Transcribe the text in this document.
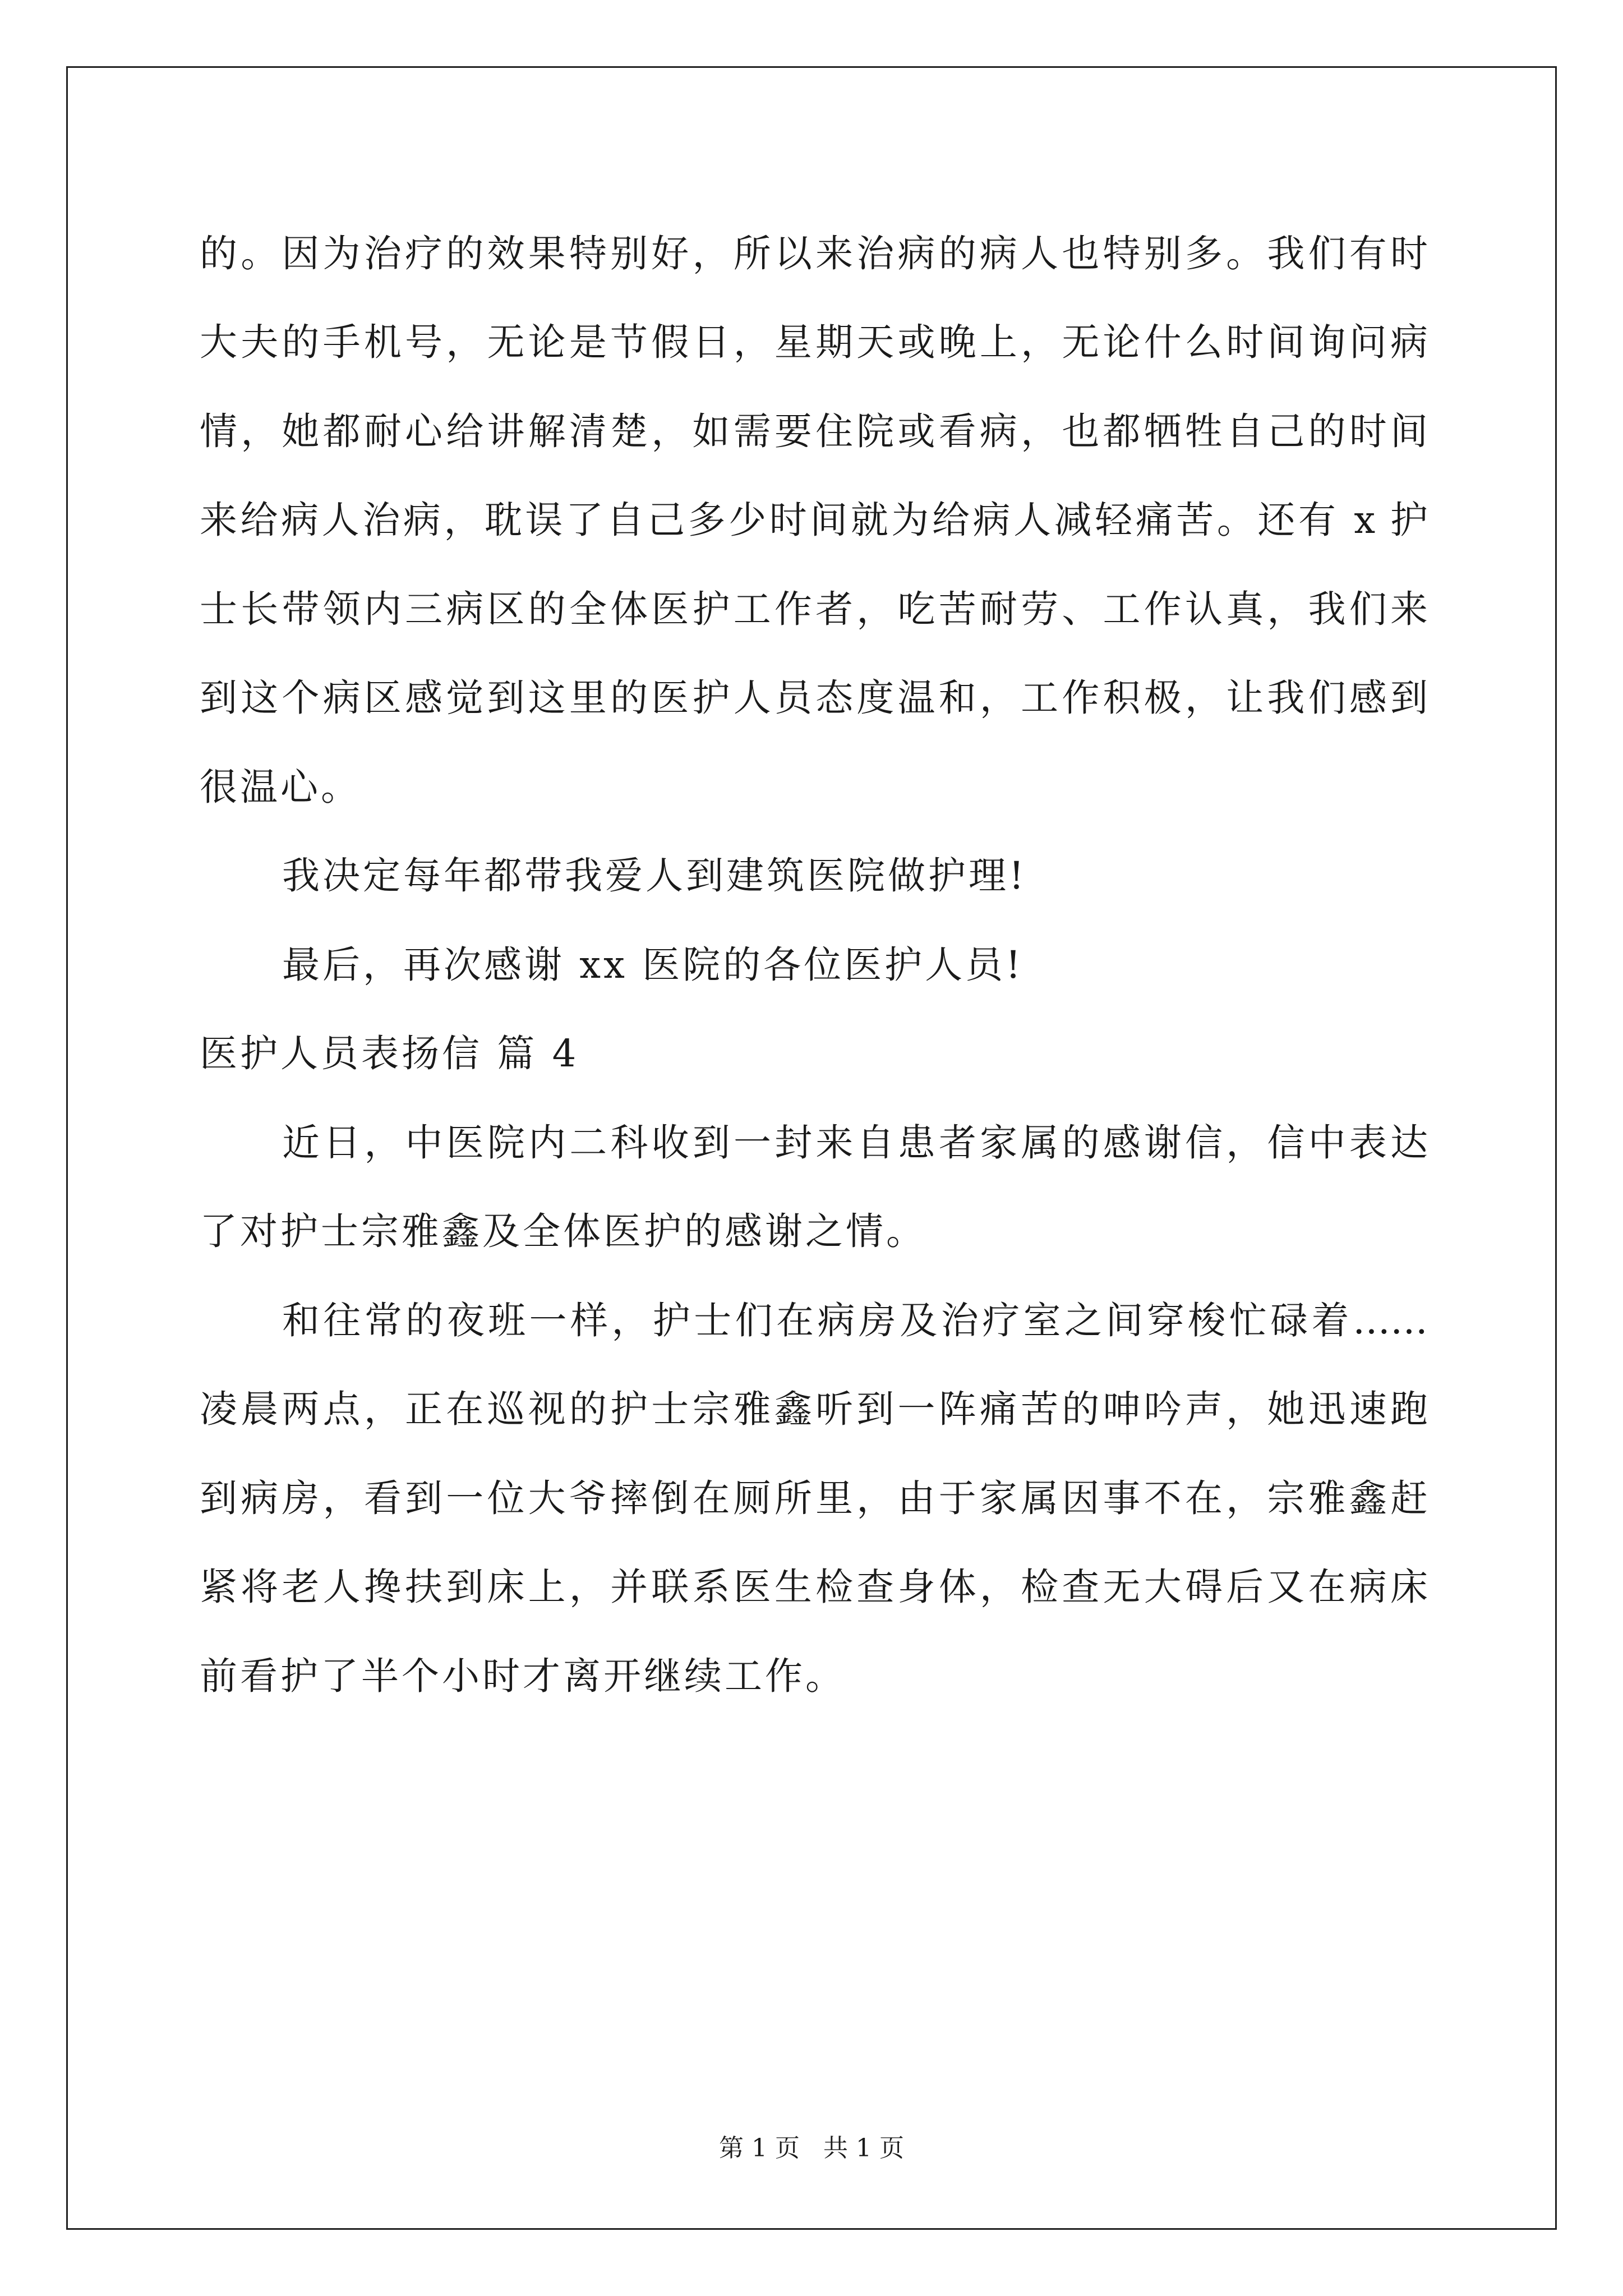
的。因为治疗的效果特别好，所以来治病的病人也特别多。我们有时
大夫的手机号，无论是节假日，星期天或晚上，无论什么时间询问病
情，她都耐心给讲解清楚，如需要住院或看病，也都牺牲自己的时间
来给病人治病，耽误了自己多少时间就为给病人减轻痛苦。还有 x 护
士长带领内三病区的全体医护工作者，吃苦耐劳、工作认真，我们来
到这个病区感觉到这里的医护人员态度温和，工作积极，让我们感到
很温心。
我决定每年都带我爱人到建筑医院做护理!
最后，再次感谢 xx 医院的各位医护人员!
医护人员表扬信 篇 4
近日，中医院内二科收到一封来自患者家属的感谢信，信中表达
了对护士宗雅鑫及全体医护的感谢之情。
和往常的夜班一样，护士们在病房及治疗室之间穿梭忙碌着……
凌晨两点，正在巡视的护士宗雅鑫听到一阵痛苦的呻吟声，她迅速跑
到病房，看到一位大爷摔倒在厕所里，由于家属因事不在，宗雅鑫赶
紧将老人搀扶到床上，并联系医生检查身体，检查无大碍后又在病床
前看护了半个小时才离开继续工作。
第 1 页   共 1 页
